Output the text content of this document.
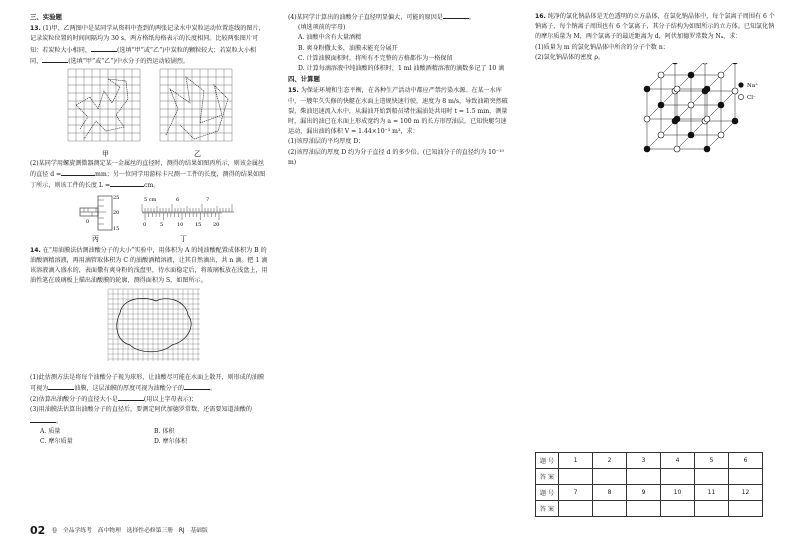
三、实验题

13. (1)甲、乙两图中是某同学从资料中查到的两张记录水中炭粒运动位置连线的图片，记录炭粒位置的时间间隔均为 30 s，两方格纸每格表示的长度相同。比较两张图片可知：若炭粒大小相同，	(选填“甲”或“乙”)中炭粒的颗粒较大；若炭粒大小相同，	(选填“甲”或“乙”)中水分子的热运动较剧烈。

甲	乙

(2)某同学用螺旋测微器测定某一金属丝的直径时，测得的结果如图丙所示，则该金属丝的直径 d =	mm；另一位同学用游标卡尺测一工件的长度，测得的结果如图丁所示，则该工件的长度 L =	cm。

25
20
15
0
丙
5 cm	6	7
0	5	10 15 20
丁

14. 在“用油膜法估测油酸分子的大小”实验中，用体积为 A 的纯油酸配置成体积为 B 的油酸酒精溶液，再用滴管取体积为 C 的油酸酒精溶液，让其自然滴出，共 n 滴。把 1 滴该溶液滴入盛水的，表面撒有爽身粉的浅盘里，待水面稳定后，将玻璃板放在浅盘上，用油性笔在玻璃板上描出油酸膜的轮廓，测得面积为 S，如图所示。

(1)此估测方法是将每个油酸分子视为球形，让油酸尽可能在水面上散开，则形成的油膜可视为	油膜，这层油膜的厚度可视为油酸分子的	。

(2)估算出油酸分子的直径大小是	(用以上字母表示)；

(3)用油膜法估算出油酸分子的直径后，要测定阿伏加德罗常数，还需要知道油酸的。

A. 质量	B. 体积
C. 摩尔质量	D. 摩尔体积

(4)某同学计算出的油酸分子直径明显偏大，可能的原因是	。

(填选项前的字母)

A. 油酸中含有大量酒精

B. 爽身粉撒太多，油膜未能充分展开

C. 计算油膜面积时，将所有不完整的方格都作为一格保留

D. 计算每滴溶液中纯油酸的体积时，1 ml 油酸酒精溶液的滴数多记了 10 滴

四、计算题

15. 为保证环境和生态平衡，在各种生产活动中都应严禁污染水源。在某一水库中，一艘年久失修的快艇在水面上违规快速行驶，速度为 8 m/s，导致油箱突然破裂，柴油迅速流入水中，从漏油开始到船员堵住漏油处共用时 t = 1.5 min，测量时，漏出的油已在水面上形成宽约为 a = 100 m 的长方形厚油层，已知快艇匀速运动，漏出油的体积 V = 1.44×10⁻³ m³，求：

(1)该厚油层的平均厚度 D；

(2)该厚油层的厚度 D 约为分子直径 d 的多少倍。(已知油分子的直径约为 10⁻¹⁰ m)

16. 纯净的氯化钠晶体是无色透明的立方晶体，在氯化钠晶体中，每个氯离子周围有 6 个钠离子，每个钠离子周围也有 6 个氯离子，其分子结构为如图所示的立方体。已知氯化钠的摩尔质量为 M，两个氯离子的最近距离为 d，阿伏加德罗常数为 Nₐ，求：

(1)质量为 m 的氯化钠晶体中所含的分子个数 n；

(2)氯化钠晶体的密度 ρ。

Na⁺
Cl⁻
题 号	1	2	3	4	5	6
答 案						
题 号	7	8	9	10	11	12
答 案						
02 卷　全品学练考　高中物理　选择性必修第三册　RJ　基础版
